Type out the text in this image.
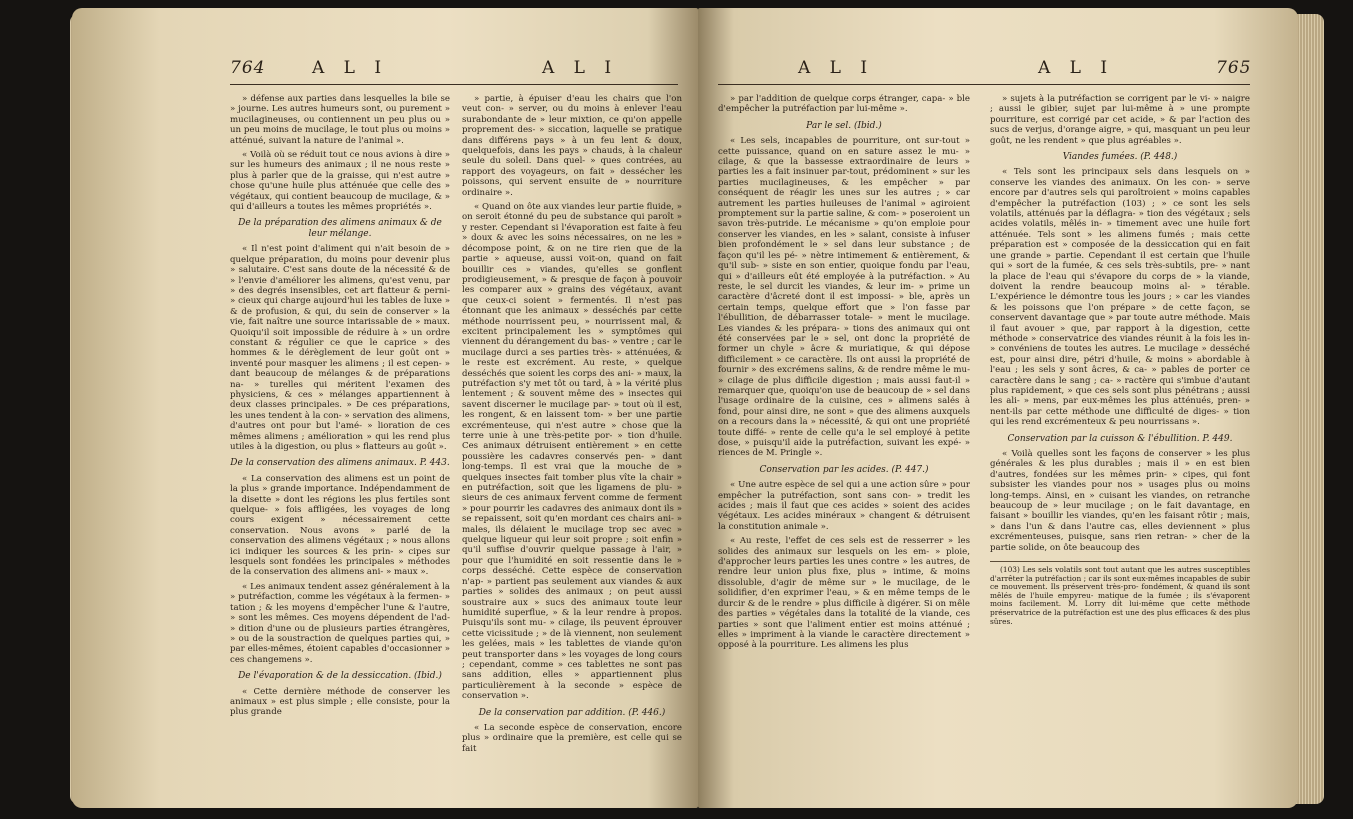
764	A L I	A L I

» défense aux parties dans lesquelles la bile se » journe. Les autres humeurs sont, ou purement » mucilagineuses, ou contiennent un peu plus ou » un peu moins de mucilage, le tout plus ou moins » atténué, suivant la nature de l'animal ».

« Voilà où se réduit tout ce nous avions à dire » sur les humeurs des animaux ; il ne nous reste » plus à parler que de la graisse, qui n'est autre » chose qu'une huile plus atténuée que celle des » végétaux, qui contient beaucoup de mucilage, & » qui d'ailleurs a toutes les mêmes propriétés ».

De la préparation des alimens animaux & de leur mélange.

« Il n'est point d'aliment qui n'ait besoin de » quelque préparation, du moins pour devenir plus » salutaire. C'est sans doute de la nécessité & de » l'envie d'améliorer les alimens, qu'est venu, par » des degrés insensibles, cet art flatteur & perni- » cieux qui charge aujourd'hui les tables de luxe » & de profusion, & qui, du sein de conserver » la vie, fait naître une source intarissable de » maux. Quoiqu'il soit impossible de réduire à » un ordre constant & régulier ce que le caprice » des hommes & le dérèglement de leur goût ont » inventé pour masquer les alimens ; il est cepen- » dant beaucoup de mélanges & de préparations na- » turelles qui méritent l'examen des physiciens, & ces » mélanges appartiennent à deux classes principales. » De ces préparations, les unes tendent à la con- » servation des alimens, d'autres ont pour but l'amé- » lioration de ces mêmes alimens ; amélioration » qui les rend plus utiles à la digestion, ou plus » flatteurs au goût ».

De la conservation des alimens animaux. P. 443.

« La conservation des alimens est un point de la plus » grande importance. Indépendamment de la disette » dont les régions les plus fertiles sont quelque- » fois affligées, les voyages de long cours exigent » nécessairement cette conservation. Nous avons » parlé de la conservation des alimens végétaux ; » nous allons ici indiquer les sources & les prin- » cipes sur lesquels sont fondées les principales » méthodes de la conservation des alimens ani- » maux ».

« Les animaux tendent assez généralement à la » putréfaction, comme les végétaux à la fermen- » tation ; & les moyens d'empêcher l'une & l'autre, » sont les mêmes. Ces moyens dépendent de l'ad- » dition d'une ou de plusieurs parties étrangères, » ou de la soustraction de quelques parties qui, » par elles-mêmes, étoient capables d'occasionner » ces changemens ».

De l'évaporation & de la dessiccation. (Ibid.)

« Cette dernière méthode de conserver les animaux » est plus simple ; elle consiste, pour la plus grande

» partie, à épuiser d'eau les chairs que l'on veut con- » server, ou du moins à enlever l'eau surabondante de » leur mixtion, ce qu'on appelle proprement des- » siccation, laquelle se pratique dans différens pays » à un feu lent & doux, quelquefois, dans les pays » chauds, à la chaleur seule du soleil. Dans quel- » ques contrées, au rapport des voyageurs, on fait » dessécher les poissons, qui servent ensuite de » nourriture ordinaire ».

« Quand on ôte aux viandes leur partie fluide, » on seroit étonné du peu de substance qui paroît » y rester. Cependant si l'évaporation est faite à feu » doux & avec les soins nécessaires, on ne les » décompose point, & on ne tire rien que de la partie » aqueuse, aussi voit-on, quand on fait bouillir ces » viandes, qu'elles se gonflent prodigieusement, » & presque de façon à pouvoir les comparer aux » grains des végétaux, avant que ceux-ci soient » fermentés. Il n'est pas étonnant que les animaux » desséchés par cette méthode nourrissent peu, » nourrissent mal, & excitent principalement les » symptômes qui viennent du dérangement du bas- » ventre ; car le mucilage durci a ses parties très- » atténuées, & le reste est excrément. Au reste, » quelque desséchés que soient les corps des ani- » maux, la putréfaction s'y met tôt ou tard, à » la vérité plus lentement ; & souvent même des » insectes qui savent discerner le mucilage par- » tout où il est, les rongent, & en laissent tom- » ber une partie excrémenteuse, qui n'est autre » chose que la terre unie à une très-petite por- » tion d'huile. Ces animaux détruisent entièrement » en cette poussière les cadavres conservés pen- » dant long-temps. Il est vrai que la mouche de » quelques insectes fait tomber plus vîte la chair » en putréfaction, soit que les ligamens de plu- » sieurs de ces animaux fervent comme de ferment » pour pourrir les cadavres des animaux dont ils » se repaissent, soit qu'en mordant ces chairs ani- » males, ils délaient le mucilage trop sec avec » quelque liqueur qui leur soit propre ; soit enfin » qu'il suffise d'ouvrir quelque passage à l'air, » pour que l'humidité en soit ressentie dans le » corps desséché. Cette espèce de conservation n'ap- » partient pas seulement aux viandes & aux parties » solides des animaux ; on peut aussi soustraire aux » sucs des animaux toute leur humidité superflue, » & la leur rendre à propos. Puisqu'ils sont mu- » cilage, ils peuvent éprouver cette vicissitude ; » de là viennent, non seulement les gelées, mais » les tablettes de viande qu'on peut transporter dans » les voyages de long cours ; cependant, comme » ces tablettes ne sont pas sans addition, elles » appartiennent plus particulièrement à la seconde » espèce de conservation ».

De la conservation par addition. (P. 446.)

« La seconde espèce de conservation, encore plus » ordinaire que la première, est celle qui se fait

A L I	A L I	765

» par l'addition de quelque corps étranger, capa- » ble d'empêcher la putréfaction par lui-même ».

Par le sel. (Ibid.)

« Les sels, incapables de pourriture, ont sur-tout » cette puissance, quand on en sature assez le mu- » cilage, & que la bassesse extraordinaire de leurs » parties les a fait insinuer par-tout, prédominent » sur les parties mucilagineuses, & les empêcher » par conséquent de réagir les unes sur les autres ; » car autrement les parties huileuses de l'animal » agiroient promptement sur la partie saline, & com- » poseroient un savon très-putride. Le mécanisme » qu'on emploie pour conserver les viandes, en les » salant, consiste à infuser bien profondément le » sel dans leur substance ; de façon qu'il les pé- » nètre intimement & entièrement, & qu'il sub- » siste en son entier, quoique fondu par l'eau, qui » d'ailleurs eût été employée à la putréfaction. » Au reste, le sel durcit les viandes, & leur im- » prime un caractère d'âcreté dont il est impossi- » ble, après un certain temps, quelque effort que » l'on fasse par l'ébullition, de débarrasser totale- » ment le mucilage. Les viandes & les prépara- » tions des animaux qui ont été conservées par le » sel, ont donc la propriété de former un chyle » âcre & muriatique, & qui dépose difficilement » ce caractère. Ils ont aussi la propriété de fournir » des excrémens salins, & de rendre même le mu- » cilage de plus difficile digestion ; mais aussi faut-il » remarquer que, quoiqu'on use de beaucoup de » sel dans l'usage ordinaire de la cuisine, ces » alimens salés à fond, pour ainsi dire, ne sont » que des alimens auxquels on a recours dans la » nécessité, & qui ont une propriété toute diffé- » rente de celle qu'a le sel employé à petite dose, » puisqu'il aide la putréfaction, suivant les expé- » riences de M. Pringle ».

Conservation par les acides. (P. 447.)

« Une autre espèce de sel qui a une action sûre » pour empêcher la putréfaction, sont sans con- » tredit les acides ; mais il faut que ces acides » soient des acides végétaux. Les acides minéraux » changent & détruisent la constitution animale ».

« Au reste, l'effet de ces sels est de resserrer » les solides des animaux sur lesquels on les em- » ploie, d'approcher leurs parties les unes contre » les autres, de rendre leur union plus fixe, plus » intime, & moins dissoluble, d'agir de même sur » le mucilage, de le solidifier, d'en exprimer l'eau, » & en même temps de le durcir & de le rendre » plus difficile à digérer. Si on mêle des parties » végétales dans la totalité de la viande, ces parties » sont que l'aliment entier est moins atténué ; elles » impriment à la viande le caractère directement » opposé à la pourriture. Les alimens les plus

» sujets à la putréfaction se corrigent par le vi- » naigre ; aussi le gibier, sujet par lui-même à » une prompte pourriture, est corrigé par cet acide, » & par l'action des sucs de verjus, d'orange aigre, » qui, masquant un peu leur goût, ne les rendent » que plus agréables ».

Viandes fumées. (P. 448.)

« Tels sont les principaux sels dans lesquels on » conserve les viandes des animaux. On les con- » serve encore par d'autres sels qui paroîtroient » moins capables d'empêcher la putréfaction (103) ; » ce sont les sels volatils, atténués par la déflagra- » tion des végétaux ; sels acides volatils, mêlés in- » timement avec une huile fort atténuée. Tels sont » les alimens fumés ; mais cette préparation est » composée de la dessiccation qui en fait une grande » partie. Cependant il est certain que l'huile qui » sort de la fumée, & ces sels très-subtils, pre- » nant la place de l'eau qui s'évapore du corps de » la viande, doivent la rendre beaucoup moins al- » térable. L'expérience le démontre tous les jours ; » car les viandes & les poissons que l'on prépare » de cette façon, se conservent davantage que » par toute autre méthode. Mais il faut avouer » que, par rapport à la digestion, cette méthode » conservatrice des viandes réunit à la fois les in- » convéniens de toutes les autres. Le mucilage » desséché est, pour ainsi dire, pétri d'huile, & moins » abordable à l'eau ; les sels y sont âcres, & ca- » pables de porter ce caractère dans le sang ; ca- » ractère qui s'imbue d'autant plus rapidement, » que ces sels sont plus pénétrans ; aussi les ali- » mens, par eux-mêmes les plus atténués, pren- » nent-ils par cette méthode une difficulté de diges- » tion qui les rend excrémenteux & peu nourrissans ».

Conservation par la cuisson & l'ébullition. P. 449.

« Voilà quelles sont les façons de conserver » les plus générales & les plus durables ; mais il » en est bien d'autres, fondées sur les mêmes prin- » cipes, qui font subsister les viandes pour nos » usages plus ou moins long-temps. Ainsi, en » cuisant les viandes, on retranche beaucoup de » leur mucilage ; on le fait davantage, en faisant » bouillir les viandes, qu'en les faisant rôtir ; mais, » dans l'un & dans l'autre cas, elles deviennent » plus excrémenteuses, puisque, sans rien retran- » cher de la partie solide, on ôte beaucoup des

(103) Les sels volatils sont tout autant que les autres susceptibles d'arrêter la putréfaction ; car ils sont eux-mêmes incapables de subir ce mouvement. Ils préservent très-pro- fondément, & quand ils sont mêlés de l'huile empyreu- matique de la fumée ; ils s'évaporent moins facilement. M. Lorry dit lui-même que cette méthode préservatrice de la putréfaction est une des plus efficaces & des plus sûres.
